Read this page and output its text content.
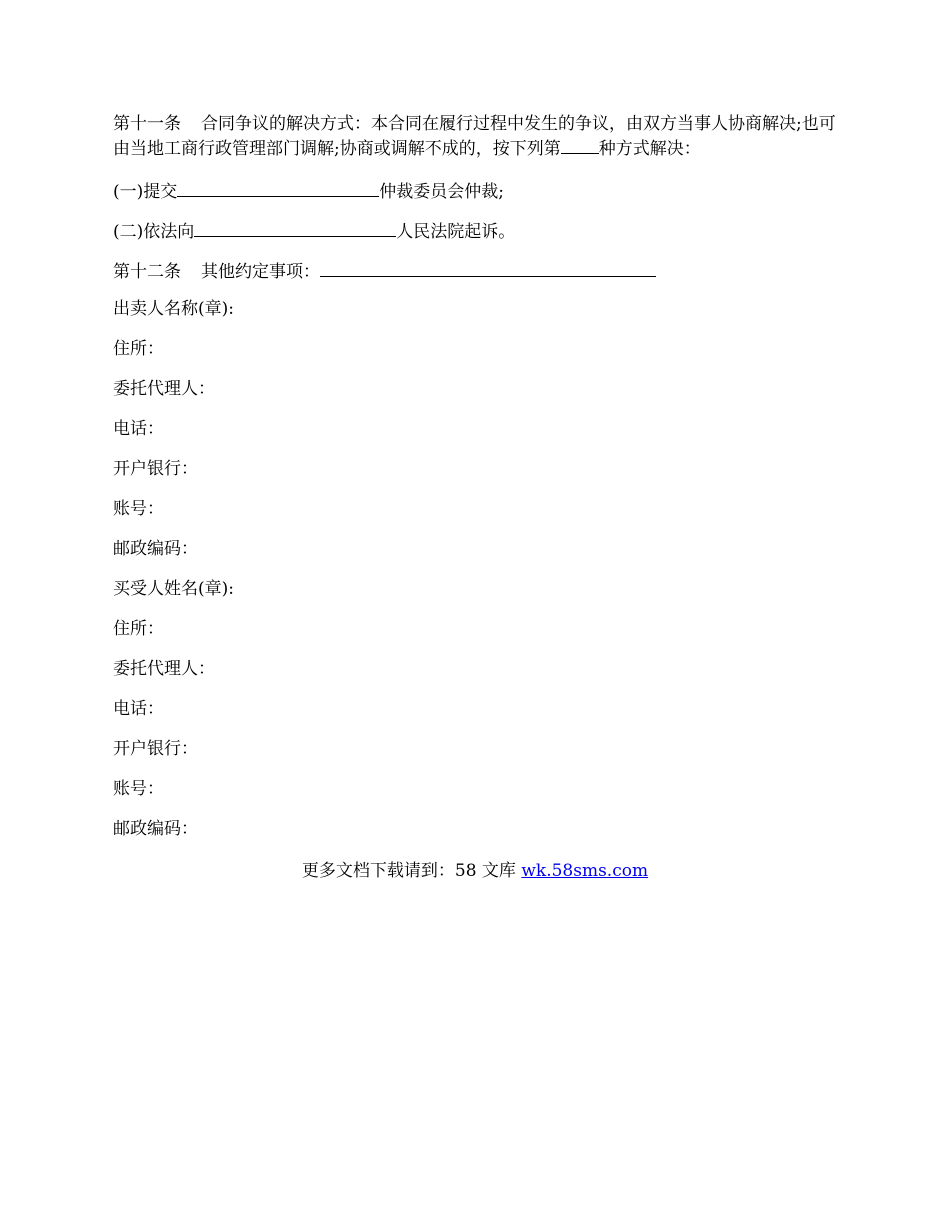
第十一条 合同争议的解决方式：本合同在履行过程中发生的争议，由双方当事人协商解决;也可由当地工商行政管理部门调解;协商或调解不成的，按下列第 种方式解决：

(一)提交	仲裁委员会仲裁;
(二)依法向	人民法院起诉。
第十二条 其他约定事项：
出卖人名称(章):
住所：
委托代理人：
电话：
开户银行：
账号：
邮政编码：
买受人姓名(章):
住所：
委托代理人：
电话：
开户银行：
账号：
邮政编码：
更多文档下载请到：58 文库 wk.58sms.com
